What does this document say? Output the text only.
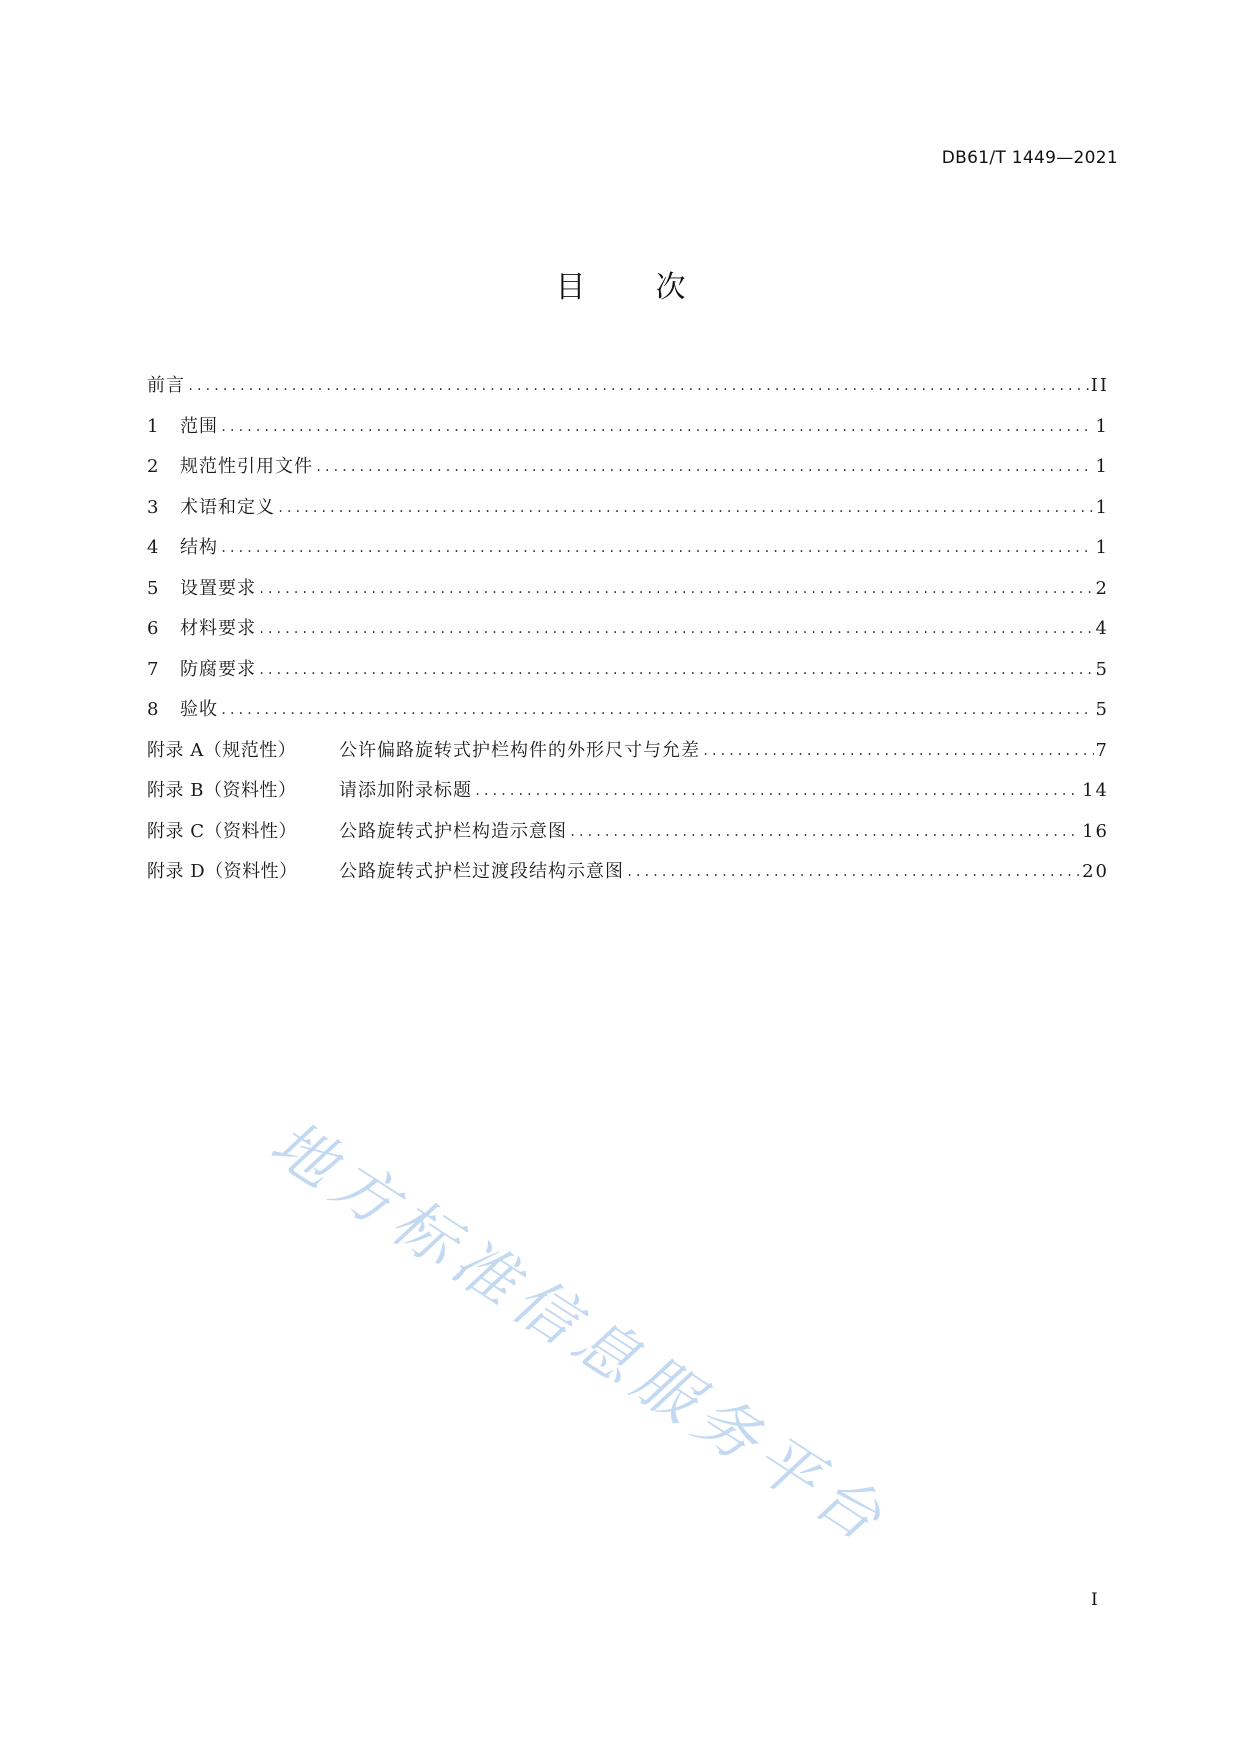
DB61/T 1449—2021
目 次
前言 .....	II
1	范围 .....	1
2	规范性引用文件 .....	1
3	术语和定义 .....	1
4	结构 .....	1
5	设置要求 .....	2
6	材料要求 .....	4
7	防腐要求 .....	5
8	验收 .....	5
附录 A（规范性）	公许偏路旋转式护栏构件的外形尺寸与允差 .....	7
附录 B（资料性）	请添加附录标题 .....	14
附录 C（资料性）	公路旋转式护栏构造示意图 .....	16
附录 D（资料性）	公路旋转式护栏过渡段结构示意图 .....	20
地方标准信息服务平台
I
